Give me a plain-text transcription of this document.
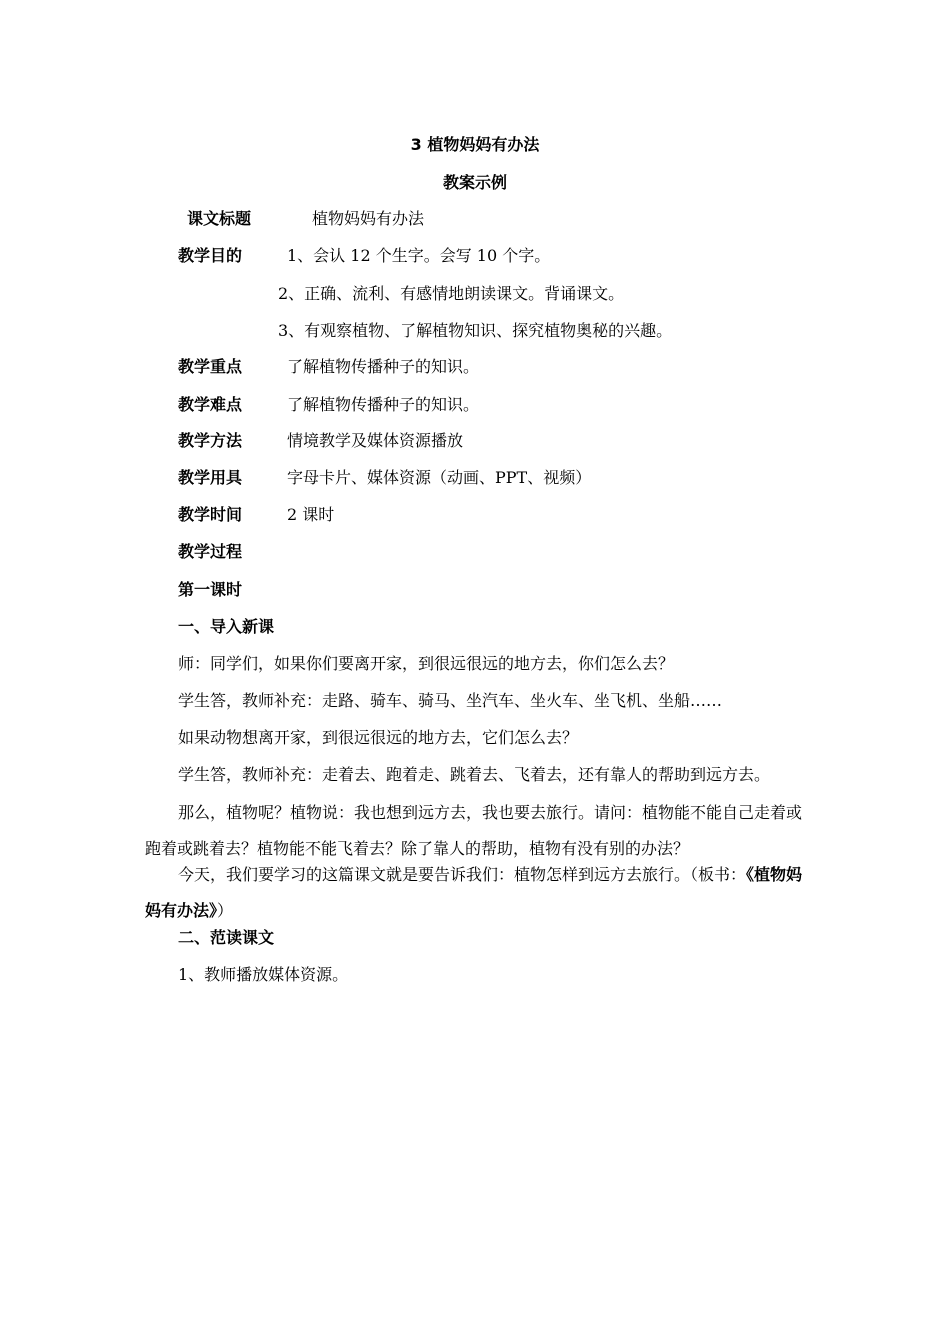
3 植物妈妈有办法
教案示例
课文标题	植物妈妈有办法
教学目的	1、会认 12 个生字。会写 10 个字。
2、正确、流利、有感情地朗读课文。背诵课文。
3、有观察植物、了解植物知识、探究植物奥秘的兴趣。
教学重点	了解植物传播种子的知识。
教学难点	了解植物传播种子的知识。
教学方法	情境教学及媒体资源播放
教学用具	字母卡片、媒体资源（动画、PPT、视频）
教学时间	2 课时
教学过程
第一课时
一、导入新课
师：同学们，如果你们要离开家，到很远很远的地方去，你们怎么去？
学生答，教师补充：走路、骑车、骑马、坐汽车、坐火车、坐飞机、坐船……
如果动物想离开家，到很远很远的地方去，它们怎么去？
学生答，教师补充：走着去、跑着走、跳着去、飞着去，还有靠人的帮助到远方去。
那么，植物呢？植物说：我也想到远方去，我也要去旅行。请问：植物能不能自己走着或跑着或跳着去？植物能不能飞着去？除了靠人的帮助，植物有没有别的办法？
今天，我们要学习的这篇课文就是要告诉我们：植物怎样到远方去旅行。（板书：《植物妈妈有办法》）
二、范读课文
1、教师播放媒体资源。
